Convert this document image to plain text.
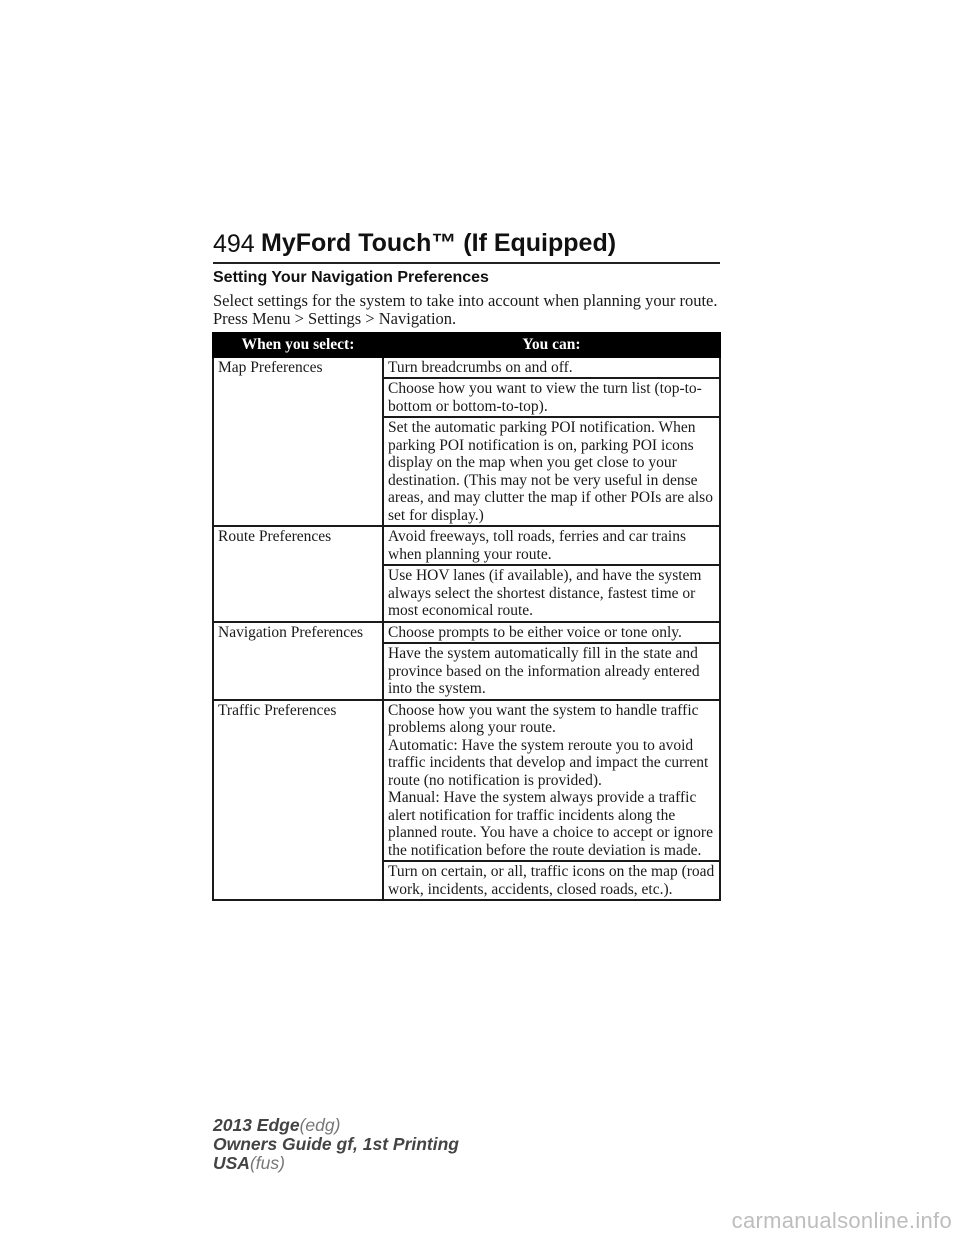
494 MyFord Touch™ (If Equipped)
Setting Your Navigation Preferences
Select settings for the system to take into account when planning your route. Press Menu > Settings > Navigation.
When you select:	You can:
Map Preferences	Turn breadcrumbs on and off.
	Choose how you want to view the turn list (top-to-bottom or bottom-to-top).
	Set the automatic parking POI notification. When parking POI notification is on, parking POI icons display on the map when you get close to your destination. (This may not be very useful in dense areas, and may clutter the map if other POIs are also set for display.)
Route Preferences	Avoid freeways, toll roads, ferries and car trains when planning your route.
	Use HOV lanes (if available), and have the system always select the shortest distance, fastest time or most economical route.
Navigation Preferences	Choose prompts to be either voice or tone only.
	Have the system automatically fill in the state and province based on the information already entered into the system.
Traffic Preferences	Choose how you want the system to handle traffic problems along your route.
Automatic: Have the system reroute you to avoid traffic incidents that develop and impact the current route (no notification is provided).
Manual: Have the system always provide a traffic alert notification for traffic incidents along the planned route. You have a choice to accept or ignore the notification before the route deviation is made.
	Turn on certain, or all, traffic icons on the map (road work, incidents, accidents, closed roads, etc.).
2013 Edge(edg)
Owners Guide gf, 1st Printing
USA(fus)
carmanualsonline.info
